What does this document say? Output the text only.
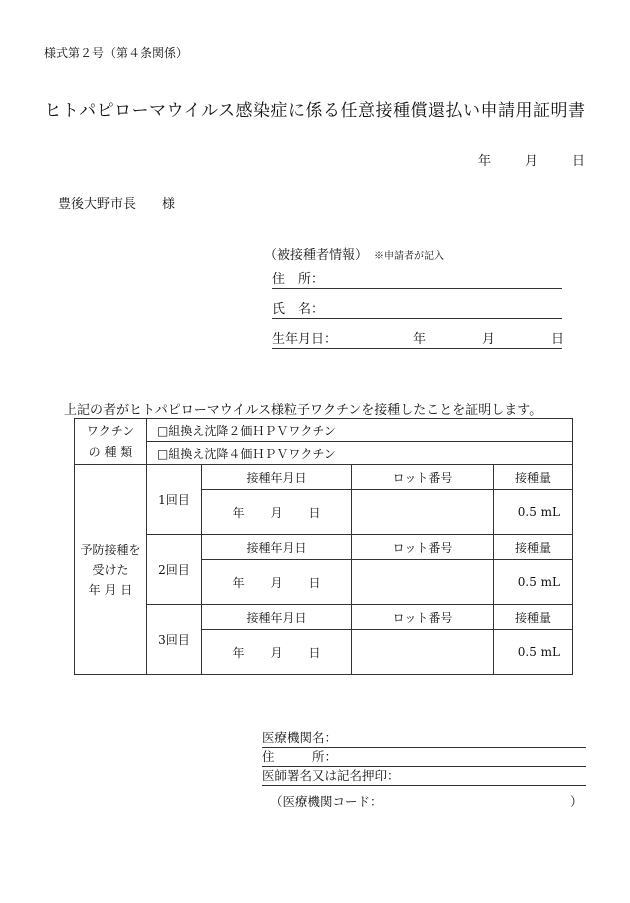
様式第２号（第４条関係）
ヒトパピローマウイルス感染症に係る任意接種償還払い申請用証明書
年	月	日
豊後大野市長　　様
（被接種者情報） ※申請者が記入
住　所：
氏　名：
生年月日：	年	月	日
上記の者がヒトパピローマウイルス様粒子ワクチンを接種したことを証明します。
ワクチン
の 種 類	□組換え沈降２価ＨＰＶワクチン			
	□組換え沈降４価ＨＰＶワクチン			
予防接種を
受けた
年 月 日	1回目	接種年月日	ロット番号	接種量
		年 月 日		0.5 mL
	2回目	接種年月日	ロット番号	接種量
		年 月 日		0.5 mL
	3回目	接種年月日	ロット番号	接種量
		年 月 日		0.5 mL
医療機関名：
住　　　所：
医師署名又は記名押印：
（医療機関コード：	）
